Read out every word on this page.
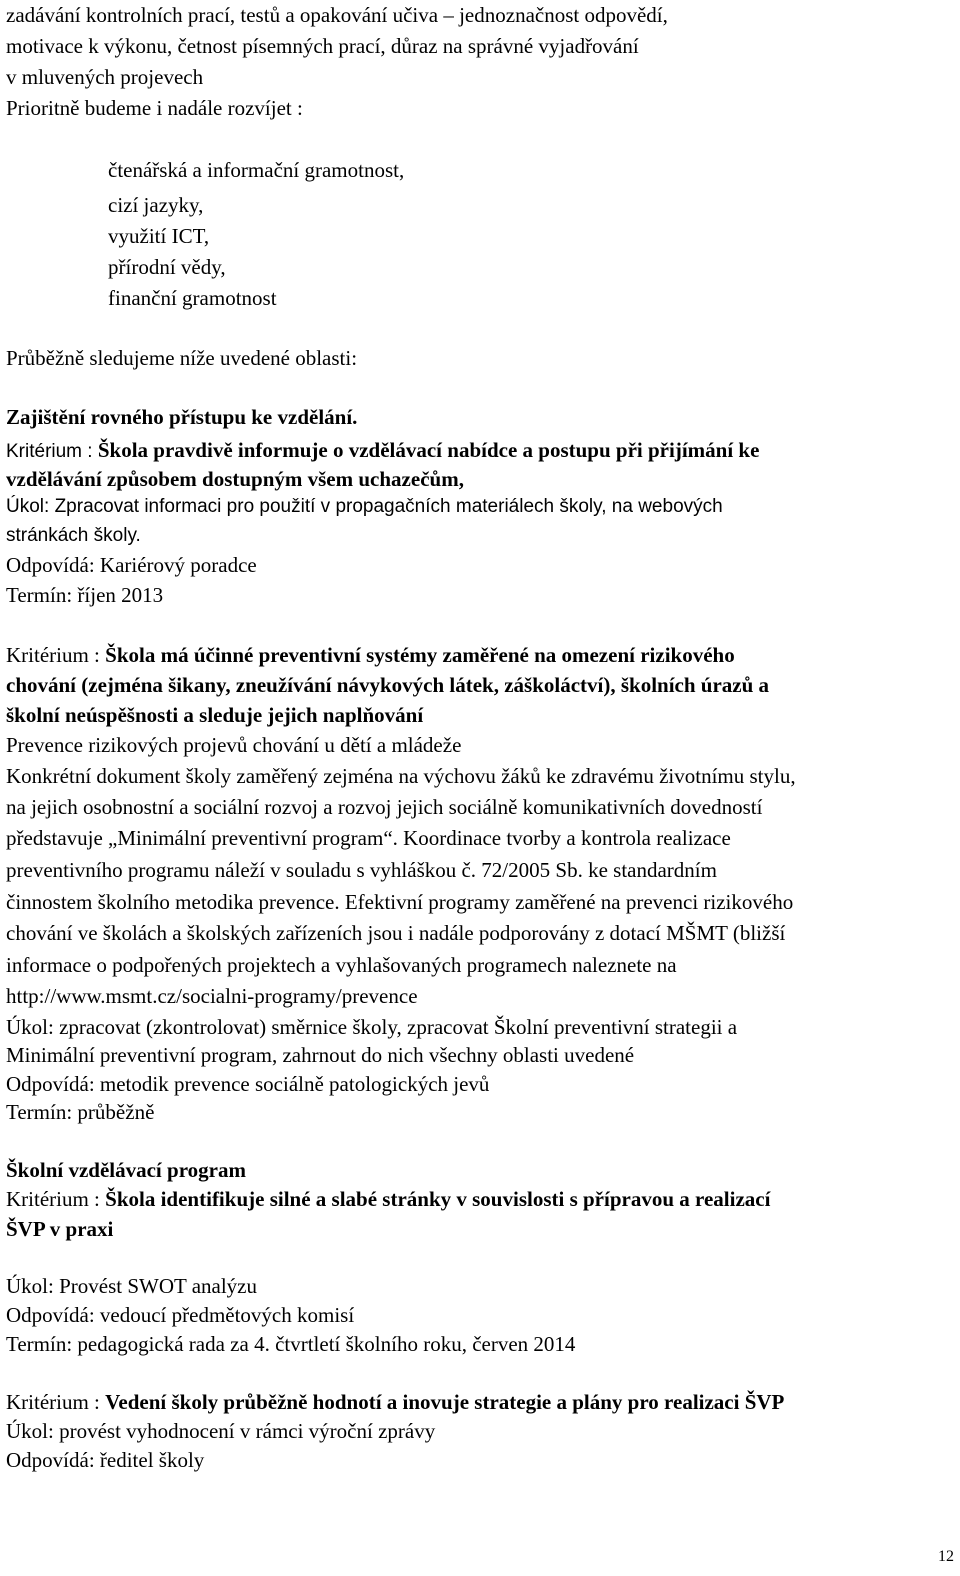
zadávání kontrolních prací, testů a opakování učiva – jednoznačnost odpovědí,
motivace k výkonu, četnost písemných prací, důraz na správné vyjadřování
v mluvených projevech
Prioritně budeme i nadále rozvíjet :
čtenářská a informační gramotnost,
cizí jazyky,
využití ICT,
přírodní vědy,
finanční gramotnost
Průběžně sledujeme níže uvedené oblasti:
Zajištění rovného přístupu ke vzdělání.
Kritérium : Škola pravdivě informuje o vzdělávací nabídce a postupu při přijímání ke
vzdělávání způsobem dostupným všem uchazečům,
Úkol: Zpracovat informaci pro použití v propagačních materiálech školy, na webových
stránkách školy.
Odpovídá: Kariérový poradce
Termín: říjen 2013
Kritérium : Škola má účinné preventivní systémy zaměřené na omezení rizikového
chování (zejména šikany, zneužívání návykových látek, záškoláctví), školních úrazů a
školní neúspěšnosti a sleduje jejich naplňování
Prevence rizikových projevů chování u dětí a mládeže
Konkrétní dokument školy zaměřený zejména na výchovu žáků ke zdravému životnímu stylu,
na jejich osobnostní a sociální rozvoj a rozvoj jejich sociálně komunikativních dovedností
představuje „Minimální preventivní program“. Koordinace tvorby a kontrola realizace
preventivního programu náleží v souladu s vyhláškou č. 72/2005 Sb. ke standardním
činnostem školního metodika prevence. Efektivní programy zaměřené na prevenci rizikového
chování ve školách a školských zařízeních jsou i nadále podporovány z dotací MŠMT (bližší
informace o podpořených projektech a vyhlašovaných programech naleznete na
http://www.msmt.cz/socialni-programy/prevence
Úkol: zpracovat (zkontrolovat) směrnice školy, zpracovat Školní preventivní strategii a
Minimální preventivní program, zahrnout do nich všechny oblasti uvedené
Odpovídá: metodik prevence sociálně patologických jevů
Termín: průběžně
Školní vzdělávací program
Kritérium : Škola identifikuje silné a slabé stránky v souvislosti s přípravou a realizací
ŠVP v praxi
Úkol: Provést SWOT analýzu
Odpovídá: vedoucí předmětových komisí
Termín: pedagogická rada za 4. čtvrtletí školního roku, červen 2014
Kritérium : Vedení školy průběžně hodnotí a inovuje strategie a plány pro realizaci ŠVP
Úkol: provést vyhodnocení v rámci výroční zprávy
Odpovídá: ředitel školy
12
